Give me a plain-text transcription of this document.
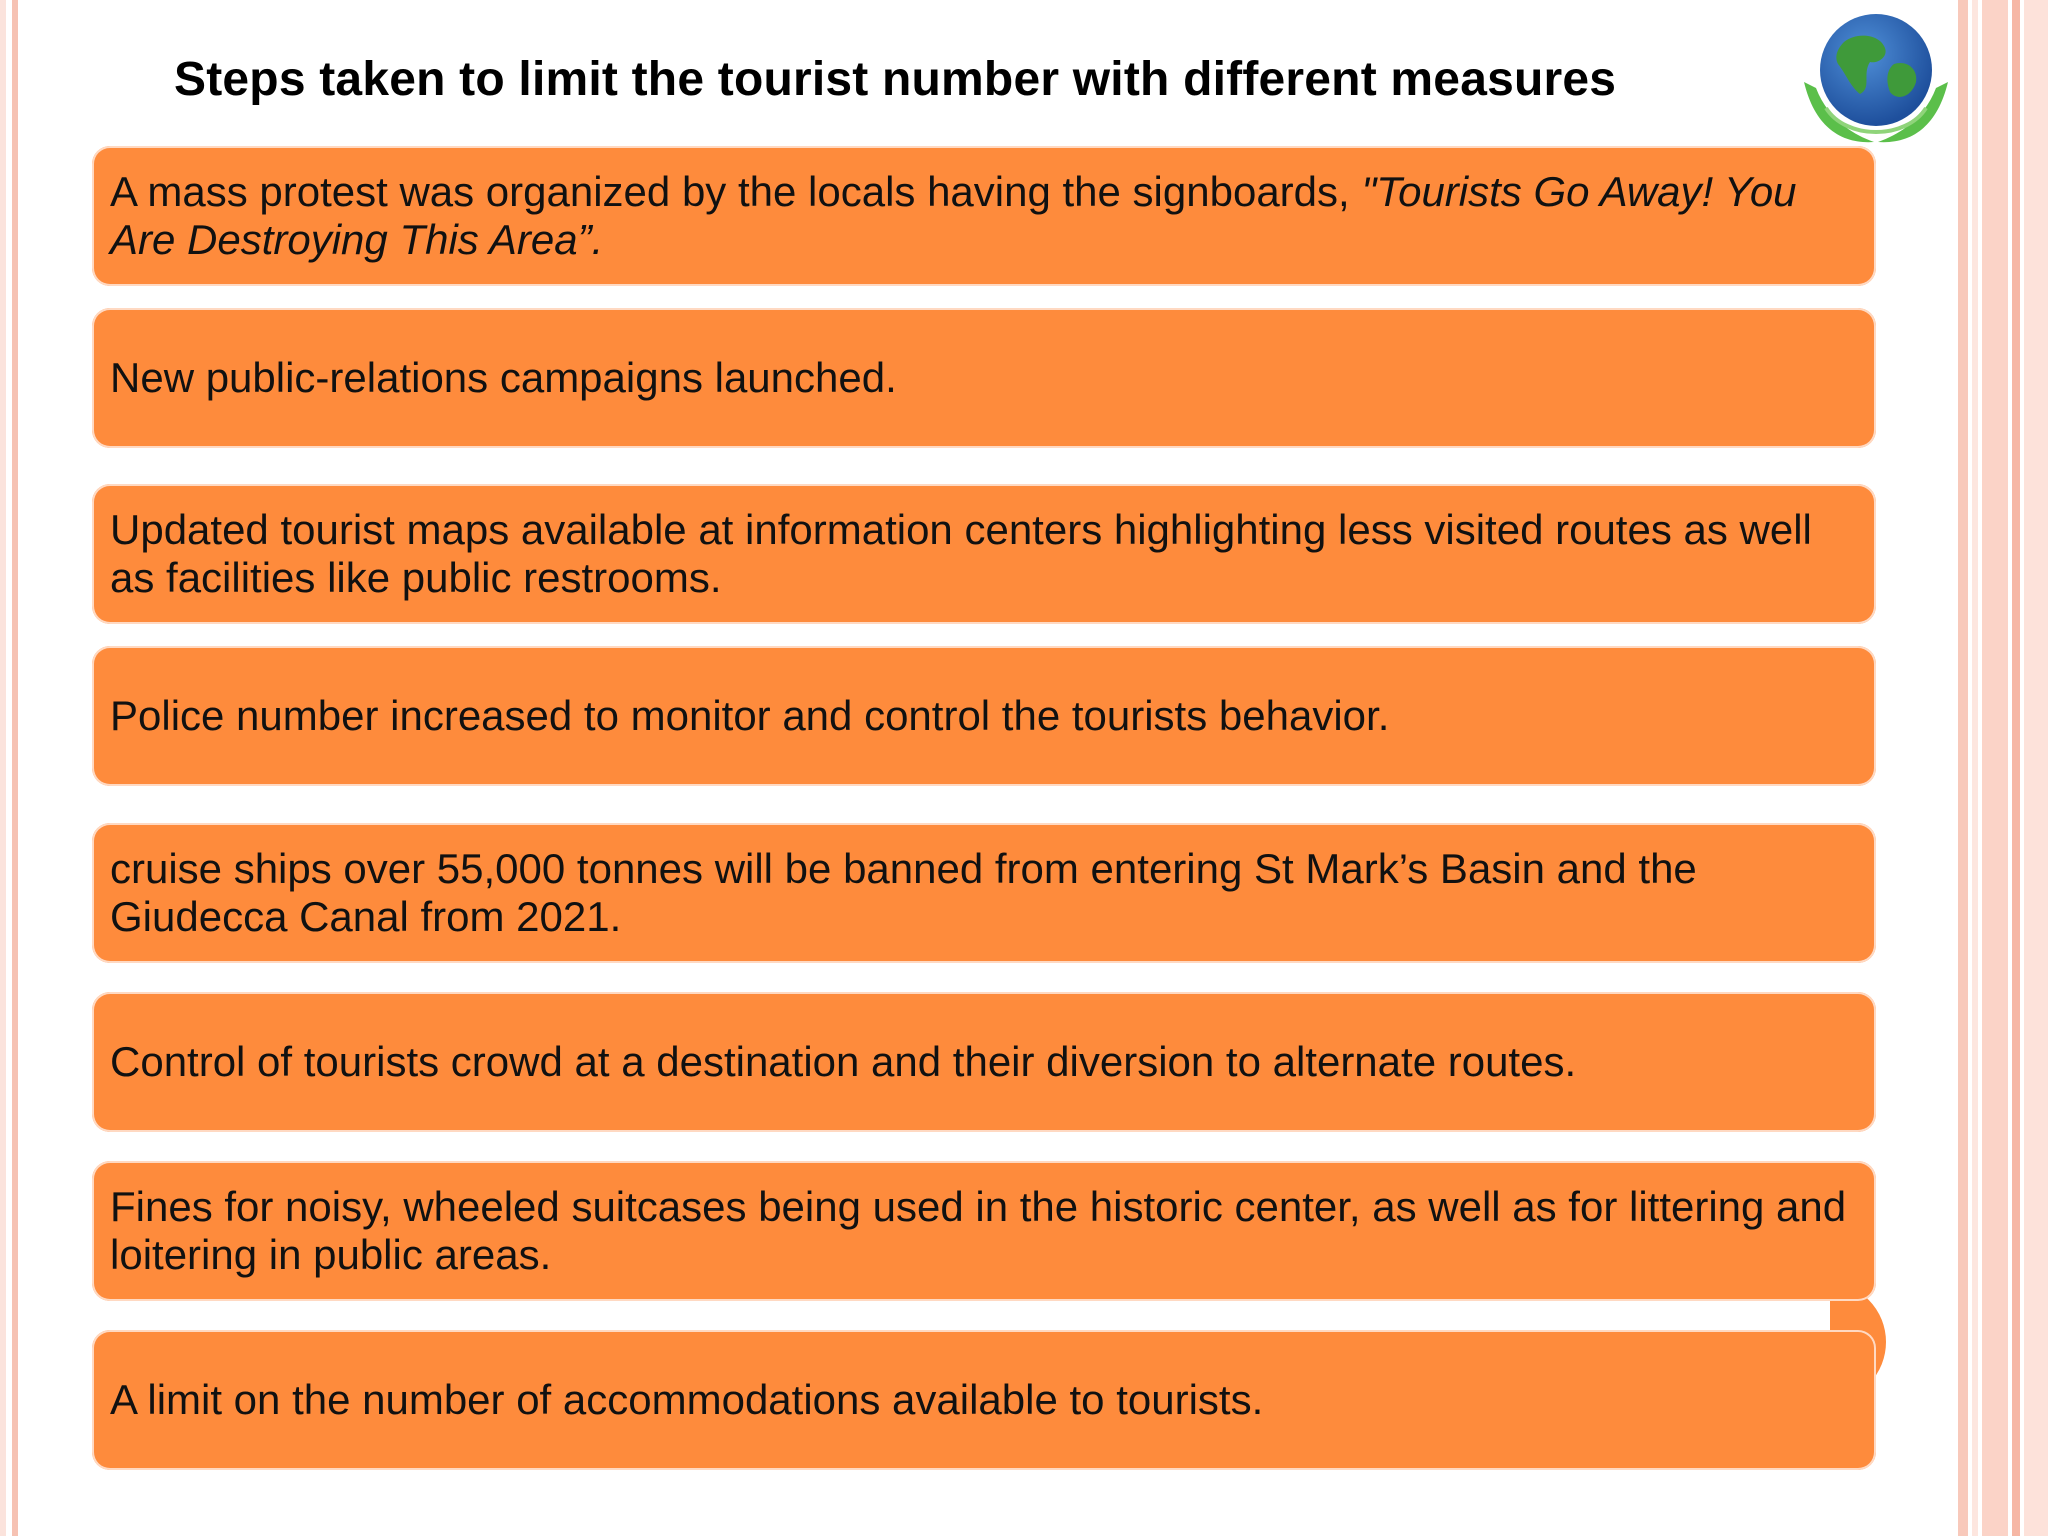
Steps taken to limit the tourist number with different measures
A mass protest was organized by the locals having the signboards, "Tourists Go Away! You Are Destroying This Area”.
New public-relations campaigns launched.
Updated tourist maps available at information centers highlighting less visited routes as well as facilities like public restrooms.
Police number increased to monitor and control the tourists behavior.
cruise ships over 55,000 tonnes will be banned from entering St Mark’s Basin and the Giudecca Canal from 2021.
Control of tourists crowd at a destination and their diversion to alternate routes.
Fines for noisy, wheeled suitcases being used in the historic center, as well as for littering and loitering in public areas.
A limit on the number of accommodations available to tourists.
